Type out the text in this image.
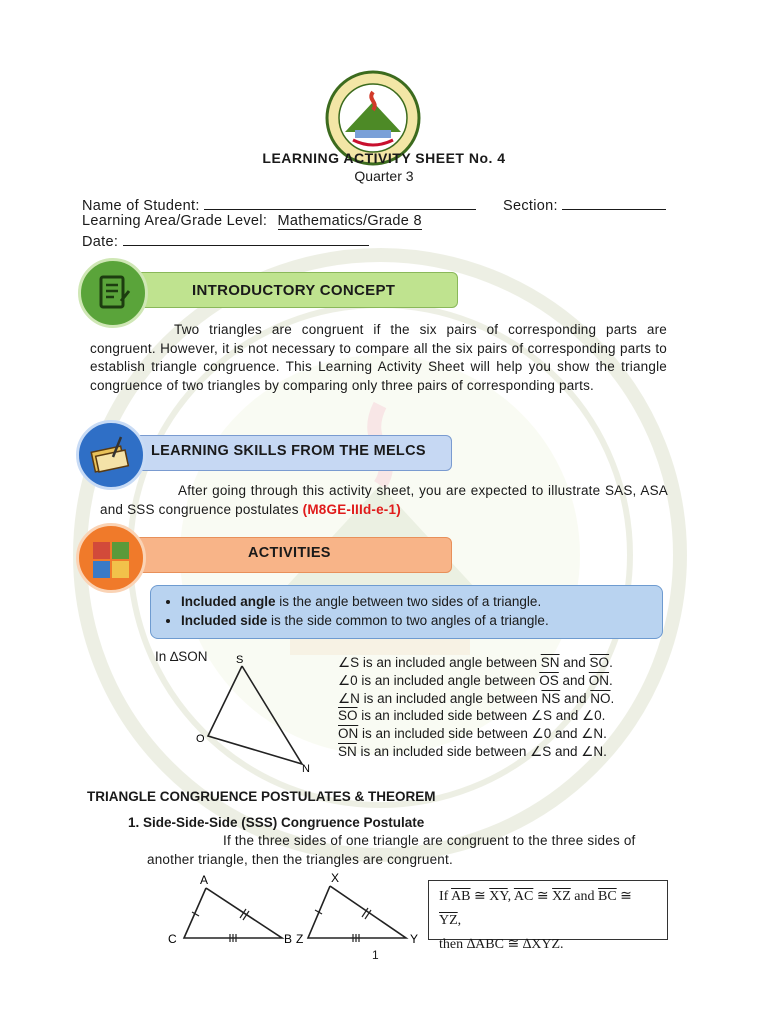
LEARNING ACTIVITY SHEET No. 4
Quarter 3
Name of Student:	Section:
Learning Area/Grade Level: Mathematics/Grade 8
Date:
INTRODUCTORY CONCEPT
Two triangles are congruent if the six pairs of corresponding parts are congruent. However, it is not necessary to compare all the six pairs of corresponding parts to establish triangle congruence. This Learning Activity Sheet will help you show the triangle congruence of two triangles by comparing only three pairs of corresponding parts.
LEARNING SKILLS FROM THE MELCS
After going through this activity sheet, you are expected to illustrate SAS, ASA and SSS congruence postulates (M8GE-IIId-e-1)
ACTIVITIES
• Included angle is the angle between two sides of a triangle.
• Included side is the side common to two angles of a triangle.
In ∆SON	S
O
N
∠S is an included angle between $\overline{SN}$ and $\overline{SO}$.
∠0 is an included angle between $\overline{OS}$ and $\overline{ON}$.
∠N is an included angle between $\overline{NS}$ and $\overline{NO}$.
$\overline{SO}$ is an included side between ∠S and ∠0.
$\overline{ON}$ is an included side between ∠0 and ∠N.
$\overline{SN}$ is an included side between ∠S and ∠N.
TRIANGLE CONGRUENCE POSTULATES & THEOREM
1. Side-Side-Side (SSS) Congruence Postulate
If the three sides of one triangle are congruent to the three sides of another triangle, then the triangles are congruent.
A
C	B
X
Z	Y
If $\overline{AB}$ ≅ $\overline{XY}$, $\overline{AC}$ ≅ $\overline{XZ}$ and $\overline{BC}$ ≅ $\overline{YZ}$,
then ∆ABC ≅ ∆XYZ.
1
